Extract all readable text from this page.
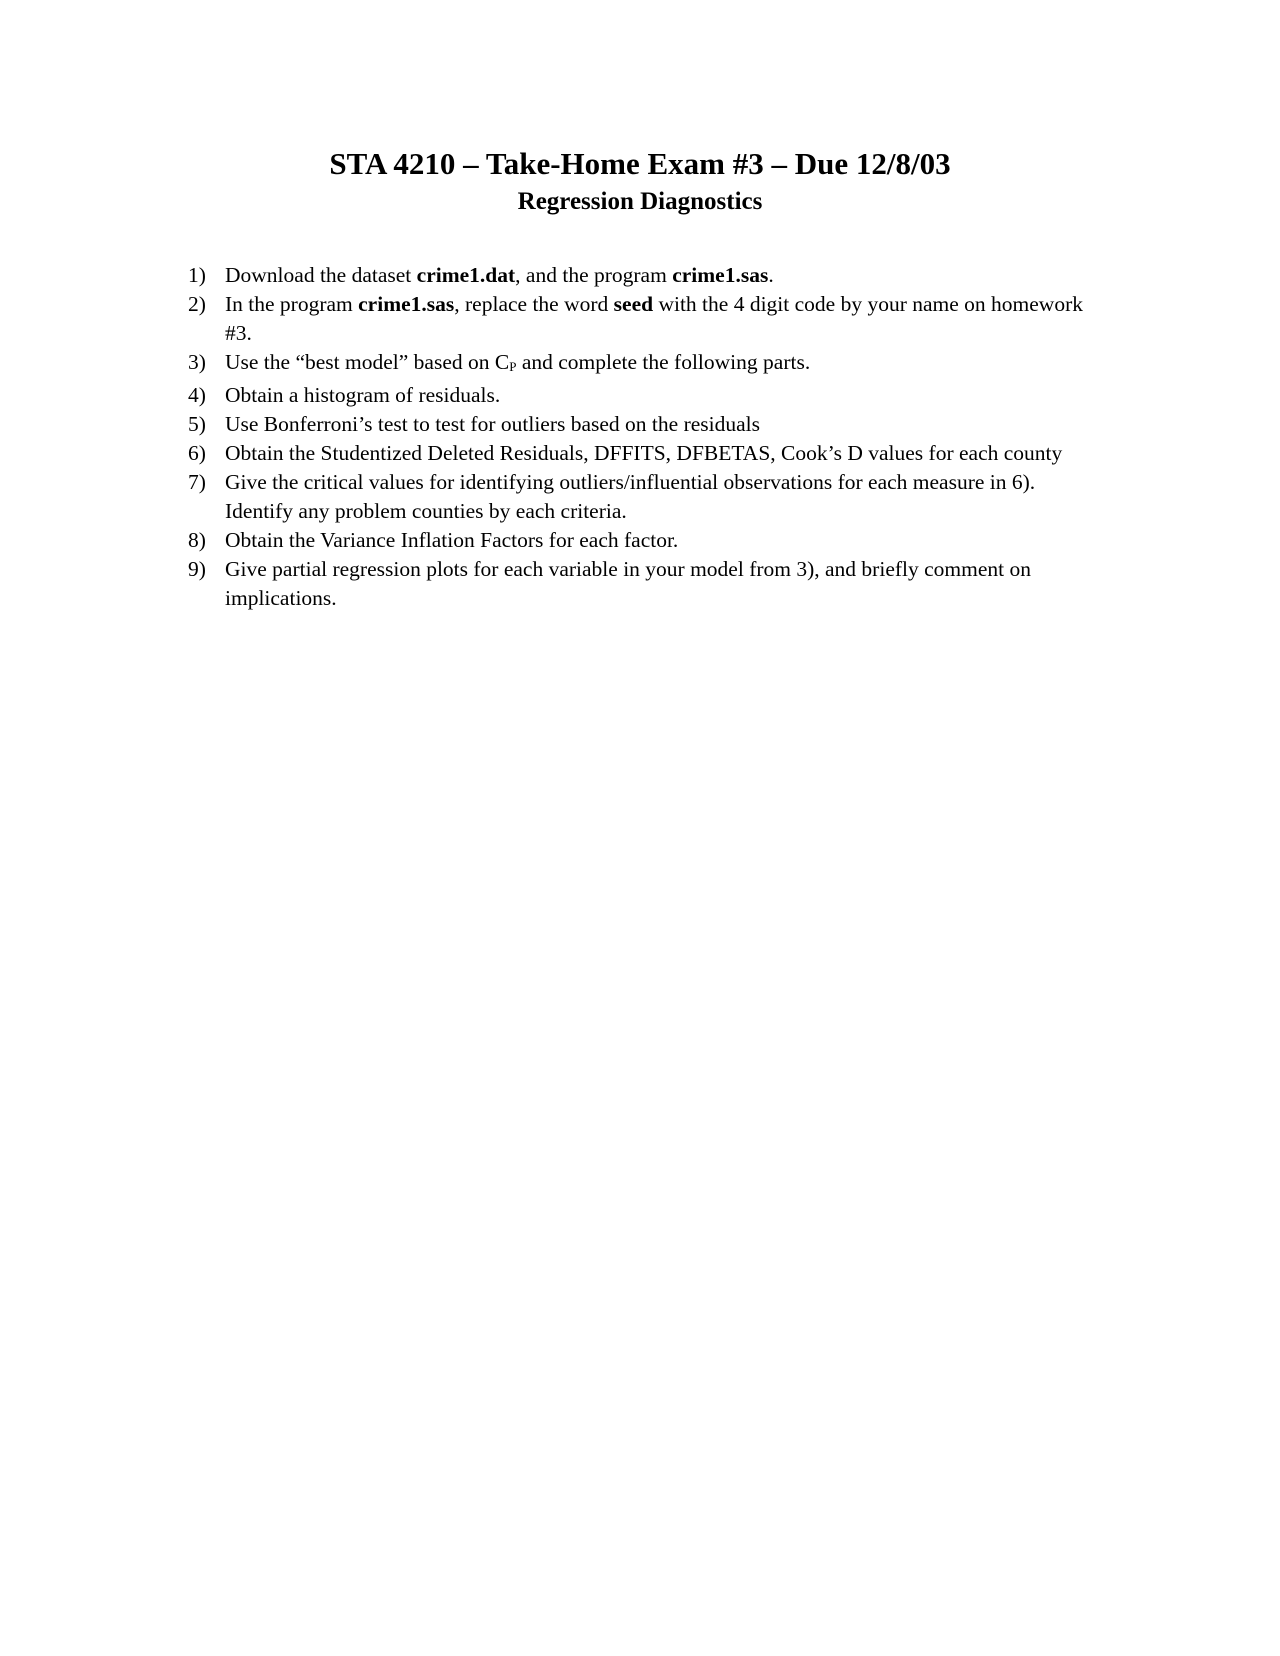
STA 4210 – Take-Home Exam #3 – Due 12/8/03
Regression Diagnostics
1) Download the dataset crime1.dat, and the program crime1.sas.
2) In the program crime1.sas, replace the word seed with the 4 digit code by your name on homework #3.
3) Use the “best model” based on CP and complete the following parts.
4) Obtain a histogram of residuals.
5) Use Bonferroni’s test to test for outliers based on the residuals
6) Obtain the Studentized Deleted Residuals, DFFITS, DFBETAS, Cook’s D values for each county
7) Give the critical values for identifying outliers/influential observations for each measure in 6). Identify any problem counties by each criteria.
8) Obtain the Variance Inflation Factors for each factor.
9) Give partial regression plots for each variable in your model from 3), and briefly comment on implications.
